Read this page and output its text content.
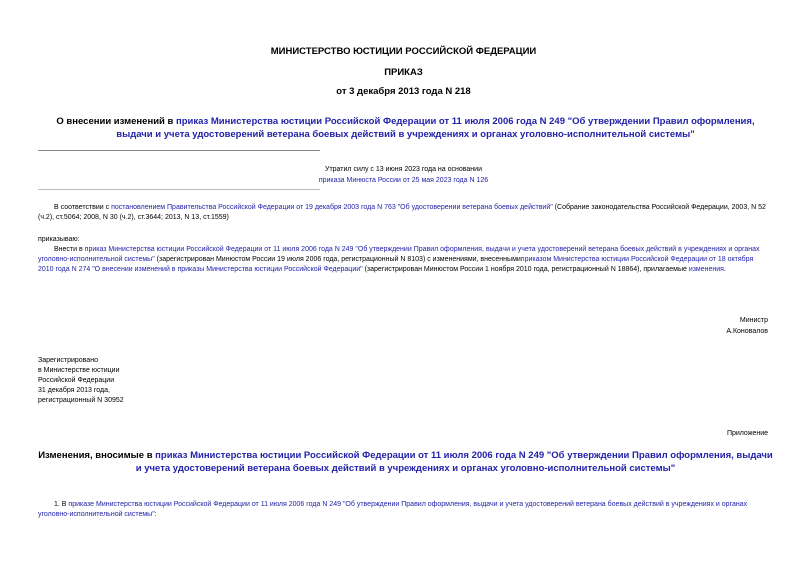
МИНИСТЕРСТВО ЮСТИЦИИ РОССИЙСКОЙ ФЕДЕРАЦИИ
ПРИКАЗ
от 3 декабря 2013 года N 218
О внесении изменений в приказ Министерства юстиции Российской Федерации от 11 июля 2006 года N 249 "Об утверждении Правил оформления, выдачи и учета удостоверений ветерана боевых действий в учреждениях и органах уголовно-исполнительной системы"
Утратил силу с 13 июня 2023 года на основании
приказа Минюста России от 25 мая 2023 года N 126
В соответствии с постановлением Правительства Российской Федерации от 19 декабря 2003 года N 763 "Об удостоверении ветерана боевых действий" (Собрание законодательства Российской Федерации, 2003, N 52 (ч.2), ст.5064; 2008, N 30 (ч.2), ст.3644; 2013, N 13, ст.1559)
приказываю:
Внести в приказ Министерства юстиции Российской Федерации от 11 июля 2006 года N 249 "Об утверждении Правил оформления, выдачи и учета удостоверений ветерана боевых действий в учреждениях и органах уголовно-исполнительной системы" (зарегистрирован Минюстом России 19 июля 2006 года, регистрационный N 8103) с изменениями, внесеннымиприказом Министерства юстиции Российской Федерации от 18 октября 2010 года N 274 "О внесении изменений в приказы Министерства юстиции Российской Федерации" (зарегистрирован Минюстом России 1 ноября 2010 года, регистрационный N 18864), прилагаемые изменения.
Министр
А.Коновалов
Зарегистрировано
в Министерстве юстиции
Российской Федерации
31 декабря 2013 года,
регистрационный N 30952
Приложение
Изменения, вносимые в приказ Министерства юстиции Российской Федерации от 11 июля 2006 года N 249 "Об утверждении Правил оформления, выдачи и учета удостоверений ветерана боевых действий в учреждениях и органах уголовно-исполнительной системы"
1. В приказе Министерства юстиции Российской Федерации от 11 июля 2006 года N 249 "Об утверждении Правил оформления, выдачи и учета удостоверений ветерана боевых действий в учреждениях и органах уголовно-исполнительной системы":
